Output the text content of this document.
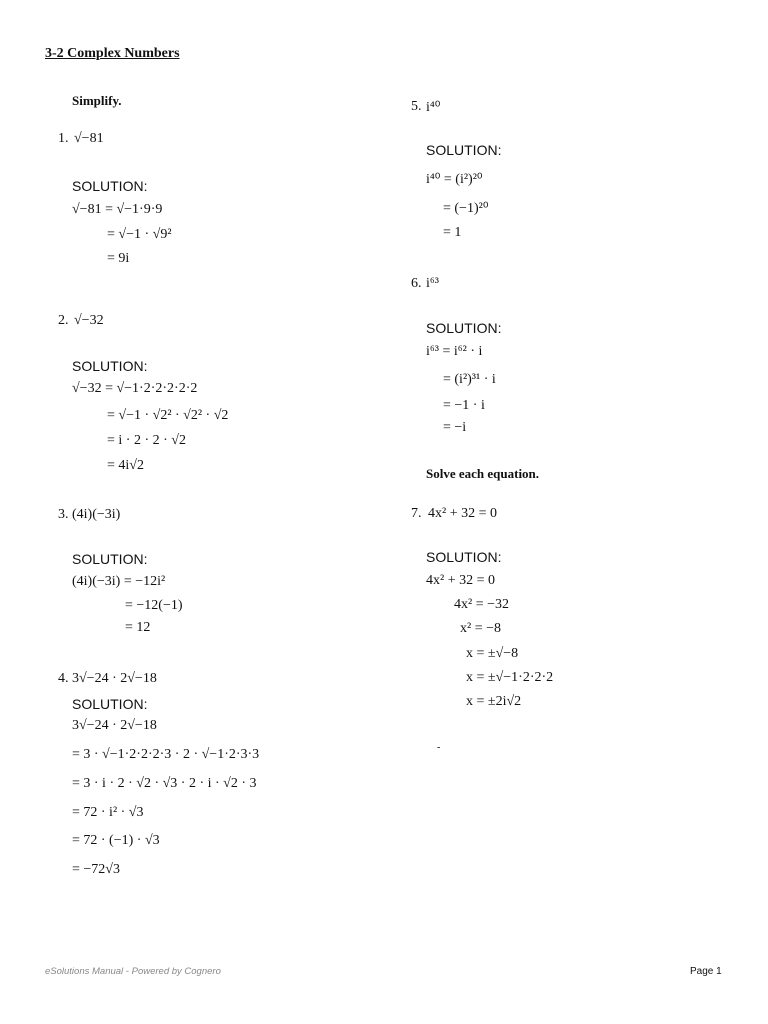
3-2 Complex Numbers
Simplify.
1. √−81
SOLUTION:
√−81 = √−1·9·9
= √−1 · √9²
= 9i
2. √−32
SOLUTION:
√−32 = √−1·2·2·2·2·2
= √−1 · √2² · √2² · √2
= i · 2 · 2 · √2
= 4i√2
3. (4i)(−3i)
SOLUTION:
(4i)(−3i) = −12i²
= −12(−1)
= 12
4. 3√−24 · 2√−18
SOLUTION:
3√−24 · 2√−18
= 3 · √−1·2·2·2·3 · 2 · √−1·2·3·3
= 3 · i · 2 · √2 · √3 · 2 · i · √2 · 3
= 72 · i² · √3
= 72 · (−1) · √3
= −72√3
5. i⁴⁰
SOLUTION:
i⁴⁰ = (i²)²⁰
= (−1)²⁰
= 1
6. i⁶³
SOLUTION:
i⁶³ = i⁶² · i
= (i²)³¹ · i
= −1 · i
= −i
Solve each equation.
7. 4x² + 32 = 0
SOLUTION:
4x² + 32 = 0
4x² = −32
x² = −8
x = ±√−8
x = ±√−1·2·2·2
x = ±2i√2
-
eSolutions Manual - Powered by Cognero	Page 1
